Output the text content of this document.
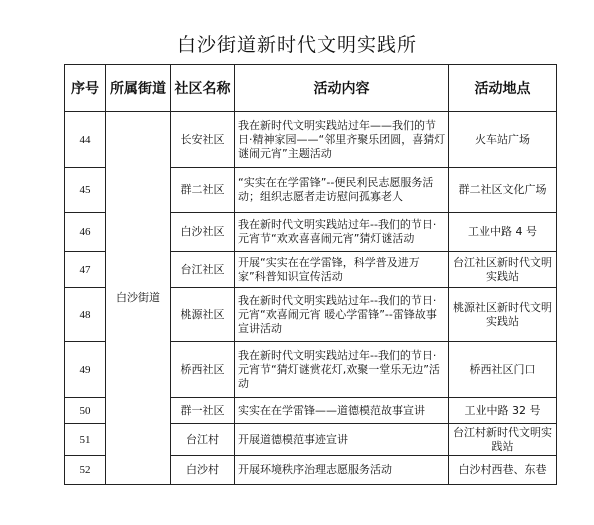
白沙街道新时代文明实践所
序号	所属街道	社区名称	活动内容	活动地点
44	白沙街道	长安社区	我在新时代文明实践站过年——我们的节日·精神家园——“邻里齐聚乐团圆，喜猜灯谜闹元宵”主题活动	火车站广场
45		群二社区	“实实在在学雷锋”--便民利民志愿服务活动；组织志愿者走访慰问孤寡老人	群二社区文化广场
46		白沙社区	我在新时代文明实践站过年--我们的节日·元宵节“欢欢喜喜闹元宵”猜灯谜活动	工业中路 4 号
47		台江社区	开展“实实在在学雷锋，科学普及进万家”科普知识宣传活动	台江社区新时代文明实践站
48		桃源社区	我在新时代文明实践站过年--我们的节日·元宵“欢喜闹元宵 暖心学雷锋”--雷锋故事宣讲活动	桃源社区新时代文明实践站
49		桥西社区	我在新时代文明实践站过年--我们的节日·元宵节“猜灯谜赏花灯,欢聚一堂乐无边”活动	桥西社区门口
50		群一社区	实实在在学雷锋——道德模范故事宣讲	工业中路 32 号
51		台江村	开展道德模范事迹宣讲	台江村新时代文明实践站
52		白沙村	开展环境秩序治理志愿服务活动	白沙村西巷、东巷
